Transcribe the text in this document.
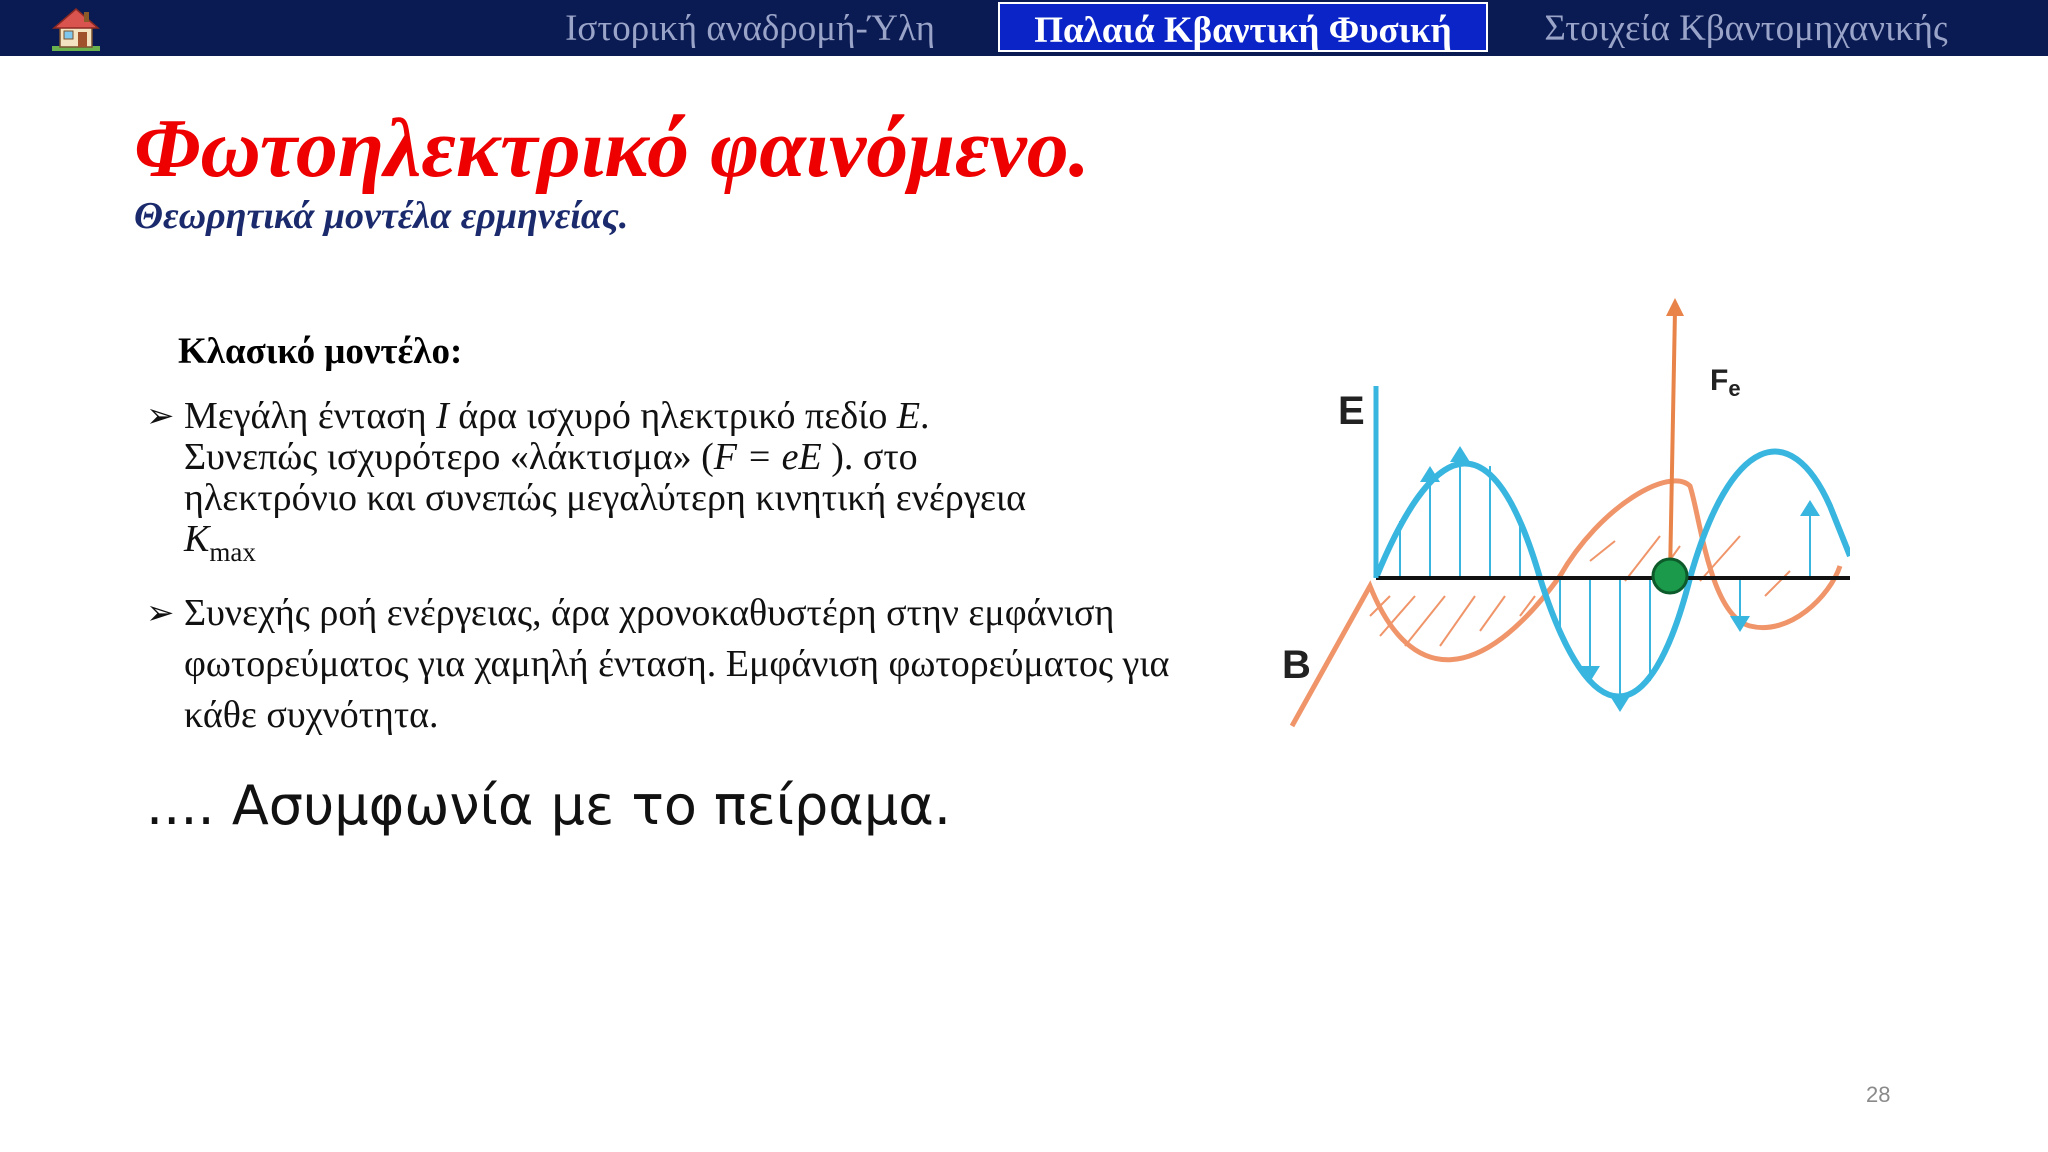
Ιστορική αναδρομή-Ύλη	Παλαιά Κβαντική Φυσική	Στοιχεία Κβαντομηχανικής
Φωτοηλεκτρικό φαινόμενο.
Θεωρητικά μοντέλα ερμηνείας.
Κλασικό μοντέλο:
➢ Μεγάλη ένταση I άρα ισχυρό ηλεκτρικό πεδίο E.
Συνεπώς ισχυρότερο «λάκτισμα» (F = eE ). στο
ηλεκτρόνιο και συνεπώς μεγαλύτερη κινητική ενέργεια
$K_{max}$
➢ Συνεχής ροή ενέργειας, άρα χρονοκαθυστέρη στην εμφάνιση φωτορεύματος για χαμηλή ένταση. Εμφάνιση φωτορεύματος για κάθε συχνότητα.
.... Ασυμφωνία με το πείραμα.
E
B
$F_e$
28
